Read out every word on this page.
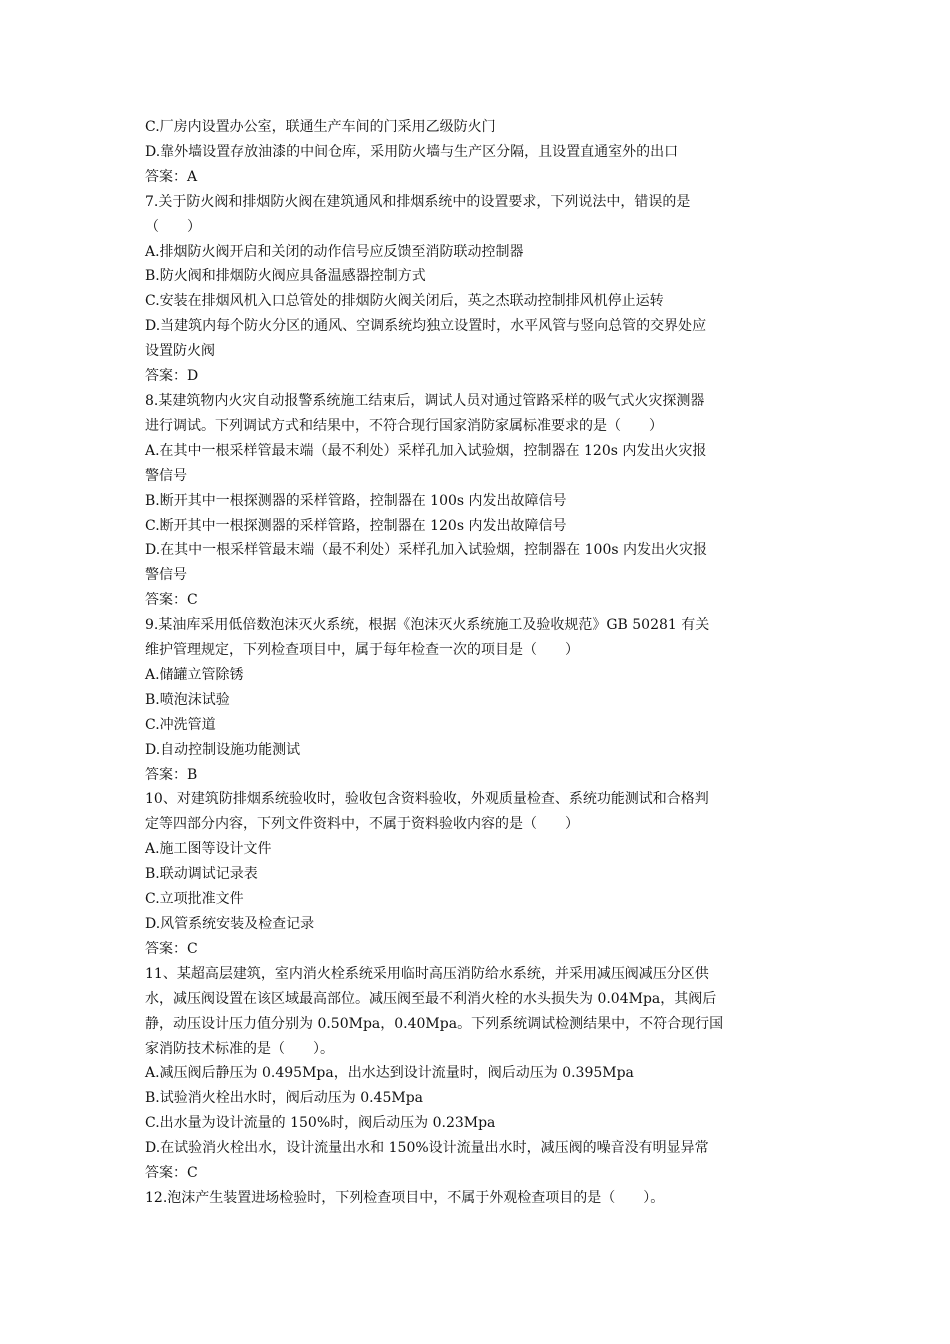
C.厂房内设置办公室，联通生产车间的门采用乙级防火门
D.靠外墙设置存放油漆的中间仓库，采用防火墙与生产区分隔，且设置直通室外的出口
答案：A
7.关于防火阀和排烟防火阀在建筑通风和排烟系统中的设置要求，下列说法中，错误的是
（　　）
A.排烟防火阀开启和关闭的动作信号应反馈至消防联动控制器
B.防火阀和排烟防火阀应具备温感器控制方式
C.安装在排烟风机入口总管处的排烟防火阀关闭后，英之杰联动控制排风机停止运转
D.当建筑内每个防火分区的通风、空调系统均独立设置时，水平风管与竖向总管的交界处应
设置防火阀
答案：D
8.某建筑物内火灾自动报警系统施工结束后，调试人员对通过管路采样的吸气式火灾探测器
进行调试。下列调试方式和结果中，不符合现行国家消防家属标准要求的是（　　）
A.在其中一根采样管最末端（最不利处）采样孔加入试验烟，控制器在 120s 内发出火灾报
警信号
B.断开其中一根探测器的采样管路，控制器在 100s 内发出故障信号
C.断开其中一根探测器的采样管路，控制器在 120s 内发出故障信号
D.在其中一根采样管最末端（最不利处）采样孔加入试验烟，控制器在 100s 内发出火灾报
警信号
答案：C
9.某油库采用低倍数泡沫灭火系统，根据《泡沫灭火系统施工及验收规范》GB 50281 有关
维护管理规定，下列检查项目中，属于每年检查一次的项目是（　　）
A.储罐立管除锈
B.喷泡沫试验
C.冲洗管道
D.自动控制设施功能测试
答案：B
10、对建筑防排烟系统验收时，验收包含资料验收，外观质量检查、系统功能测试和合格判
定等四部分内容，下列文件资料中，不属于资料验收内容的是（　　）
A.施工图等设计文件
B.联动调试记录表
C.立项批准文件
D.风管系统安装及检查记录
答案：C
11、某超高层建筑，室内消火栓系统采用临时高压消防给水系统，并采用减压阀减压分区供
水，减压阀设置在该区域最高部位。减压阀至最不利消火栓的水头损失为 0.04Mpa，其阀后
静，动压设计压力值分别为 0.50Mpa，0.40Mpa。下列系统调试检测结果中，不符合现行国
家消防技术标准的是（　　）。
A.减压阀后静压为 0.495Mpa，出水达到设计流量时，阀后动压为 0.395Mpa
B.试验消火栓出水时，阀后动压为 0.45Mpa
C.出水量为设计流量的 150%时，阀后动压为 0.23Mpa
D.在试验消火栓出水，设计流量出水和 150%设计流量出水时，减压阀的噪音没有明显异常
答案：C
12.泡沫产生装置进场检验时，下列检查项目中，不属于外观检查项目的是（　　）。
